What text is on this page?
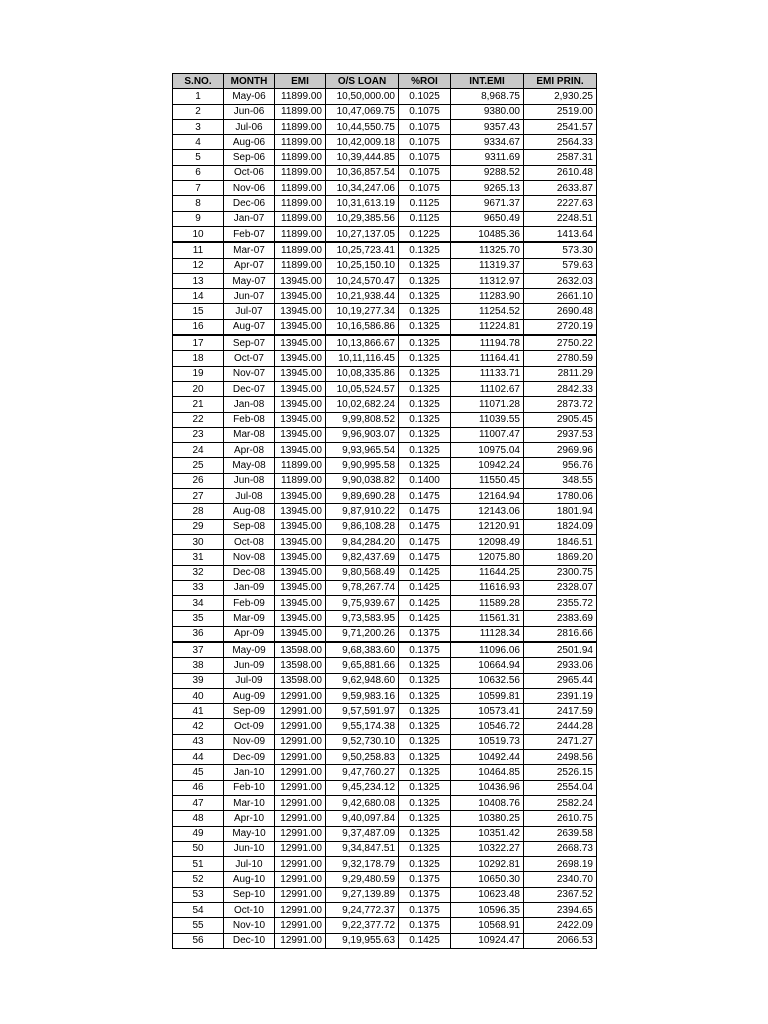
S.NO.	MONTH	EMI	O/S LOAN	%ROI	INT.EMI	EMI PRIN.
1	May-06	11899.00	10,50,000.00	0.1025	8,968.75	2,930.25
2	Jun-06	11899.00	10,47,069.75	0.1075	9380.00	2519.00
3	Jul-06	11899.00	10,44,550.75	0.1075	9357.43	2541.57
4	Aug-06	11899.00	10,42,009.18	0.1075	9334.67	2564.33
5	Sep-06	11899.00	10,39,444.85	0.1075	9311.69	2587.31
6	Oct-06	11899.00	10,36,857.54	0.1075	9288.52	2610.48
7	Nov-06	11899.00	10,34,247.06	0.1075	9265.13	2633.87
8	Dec-06	11899.00	10,31,613.19	0.1125	9671.37	2227.63
9	Jan-07	11899.00	10,29,385.56	0.1125	9650.49	2248.51
10	Feb-07	11899.00	10,27,137.05	0.1225	10485.36	1413.64
11	Mar-07	11899.00	10,25,723.41	0.1325	11325.70	573.30
12	Apr-07	11899.00	10,25,150.10	0.1325	11319.37	579.63
13	May-07	13945.00	10,24,570.47	0.1325	11312.97	2632.03
14	Jun-07	13945.00	10,21,938.44	0.1325	11283.90	2661.10
15	Jul-07	13945.00	10,19,277.34	0.1325	11254.52	2690.48
16	Aug-07	13945.00	10,16,586.86	0.1325	11224.81	2720.19
17	Sep-07	13945.00	10,13,866.67	0.1325	11194.78	2750.22
18	Oct-07	13945.00	10,11,116.45	0.1325	11164.41	2780.59
19	Nov-07	13945.00	10,08,335.86	0.1325	11133.71	2811.29
20	Dec-07	13945.00	10,05,524.57	0.1325	11102.67	2842.33
21	Jan-08	13945.00	10,02,682.24	0.1325	11071.28	2873.72
22	Feb-08	13945.00	9,99,808.52	0.1325	11039.55	2905.45
23	Mar-08	13945.00	9,96,903.07	0.1325	11007.47	2937.53
24	Apr-08	13945.00	9,93,965.54	0.1325	10975.04	2969.96
25	May-08	11899.00	9,90,995.58	0.1325	10942.24	956.76
26	Jun-08	11899.00	9,90,038.82	0.1400	11550.45	348.55
27	Jul-08	13945.00	9,89,690.28	0.1475	12164.94	1780.06
28	Aug-08	13945.00	9,87,910.22	0.1475	12143.06	1801.94
29	Sep-08	13945.00	9,86,108.28	0.1475	12120.91	1824.09
30	Oct-08	13945.00	9,84,284.20	0.1475	12098.49	1846.51
31	Nov-08	13945.00	9,82,437.69	0.1475	12075.80	1869.20
32	Dec-08	13945.00	9,80,568.49	0.1425	11644.25	2300.75
33	Jan-09	13945.00	9,78,267.74	0.1425	11616.93	2328.07
34	Feb-09	13945.00	9,75,939.67	0.1425	11589.28	2355.72
35	Mar-09	13945.00	9,73,583.95	0.1425	11561.31	2383.69
36	Apr-09	13945.00	9,71,200.26	0.1375	11128.34	2816.66
37	May-09	13598.00	9,68,383.60	0.1375	11096.06	2501.94
38	Jun-09	13598.00	9,65,881.66	0.1325	10664.94	2933.06
39	Jul-09	13598.00	9,62,948.60	0.1325	10632.56	2965.44
40	Aug-09	12991.00	9,59,983.16	0.1325	10599.81	2391.19
41	Sep-09	12991.00	9,57,591.97	0.1325	10573.41	2417.59
42	Oct-09	12991.00	9,55,174.38	0.1325	10546.72	2444.28
43	Nov-09	12991.00	9,52,730.10	0.1325	10519.73	2471.27
44	Dec-09	12991.00	9,50,258.83	0.1325	10492.44	2498.56
45	Jan-10	12991.00	9,47,760.27	0.1325	10464.85	2526.15
46	Feb-10	12991.00	9,45,234.12	0.1325	10436.96	2554.04
47	Mar-10	12991.00	9,42,680.08	0.1325	10408.76	2582.24
48	Apr-10	12991.00	9,40,097.84	0.1325	10380.25	2610.75
49	May-10	12991.00	9,37,487.09	0.1325	10351.42	2639.58
50	Jun-10	12991.00	9,34,847.51	0.1325	10322.27	2668.73
51	Jul-10	12991.00	9,32,178.79	0.1325	10292.81	2698.19
52	Aug-10	12991.00	9,29,480.59	0.1375	10650.30	2340.70
53	Sep-10	12991.00	9,27,139.89	0.1375	10623.48	2367.52
54	Oct-10	12991.00	9,24,772.37	0.1375	10596.35	2394.65
55	Nov-10	12991.00	9,22,377.72	0.1375	10568.91	2422.09
56	Dec-10	12991.00	9,19,955.63	0.1425	10924.47	2066.53
